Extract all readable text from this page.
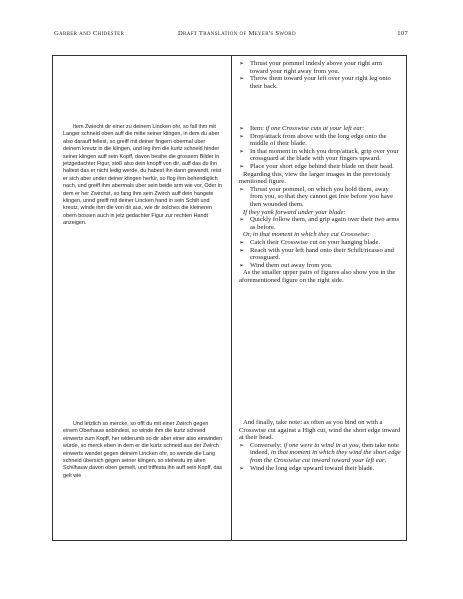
Garber and Chidester	Draft Translation of Meyer's Sword	107

Item Zwiecht dir einer zu deinem Lincken ohr, so fall ihm mit Langer schneid oben auff die mitte seiner klingen, in dem du aber also darauff fellest, so greiff mit deiner fingern obermal uber deinem kreutz in die klingen, und leg ihm die kurtz schneid hinder seiner klingen auff sein Kopff, davon besihe die grossern Bilder in jetzgedachter Figur, stoß also dein knopff von dir, auff das du ihn haltest das er nicht ledig werde, du habest ihn dann gewandt, reist er sich aber under deiner klingen herfür, so flog ihm behendiglich nach, und greiff ihm abermals uber sein beide arm wie vor, Oder in dem er her Zwirchst, so fang ihm sein Zwirch auff dein hangete klingen, unnd greiff mit deiner Lincken hand in sein Schilt und kreutz, winde ihm die von dir aus, wie dir solches die kleineren obern bossen auch in jetz gedachter Figur zur rechten Handt anzeigen.

Und letzlich so mercke, so offt du mit einer Zwirch gegen einem Oberhauw anbindest, so winde ihm die kurtz schneid einwerts zum Kopff, her widerumb so dir aber einer also einwinden würde, so merck eben in dem er die kurtz schneid aus der Zwirch einwerts wendet gegen deinem Lincken ohr, so wende die Lang schneid übersich gegen seiner klingen, so stehestu im alten Schilhauw davon oben gemelt, und triffesta ihn auff sein Kopff, das gelt wie

➢ Thrust your pommel indesly above your right arm toward your right away from you.

➢ Throw them toward your left over your right leg onto their back.

➢ Item: if one Crosswise cuts at your left ear:

➢ Drop/attack from above with the long edge onto the middle of their blade.

➢ In that moment in which you drop/attack, grip over your crossguard at the blade with your fingers upward.

➢ Place your short edge behind their blade on their head.

Regarding this, view the larger images in the previously mentioned figure.

➢ Thrust your pommel, on which you hold them, away from you, so that they cannot get free before you have then wounded them.

If they yank forward under your blade:

➢ Quickly follow them, and grip again over their two arms as before.

Or, in that moment in which they cut Crosswise:

➢ Catch their Crosswise cut on your hanging blade.

➢ Reach with your left hand onto their Schilt/ricasso and crossguard.

➢ Wind them out away from you.

As the smaller upper pairs of figures also show you in the aforementioned figure on the right side.

And finally, take note: as often as you bind on with a Crosswise cut against a High cut, wind the short edge inward at their head.

➢ Conversely: if one were to wind in at you, then take note indeed, in that moment in which they wind the short edge from the Crosswise cut inward toward your left ear.

➢ Wind the long edge upward toward their blade.
